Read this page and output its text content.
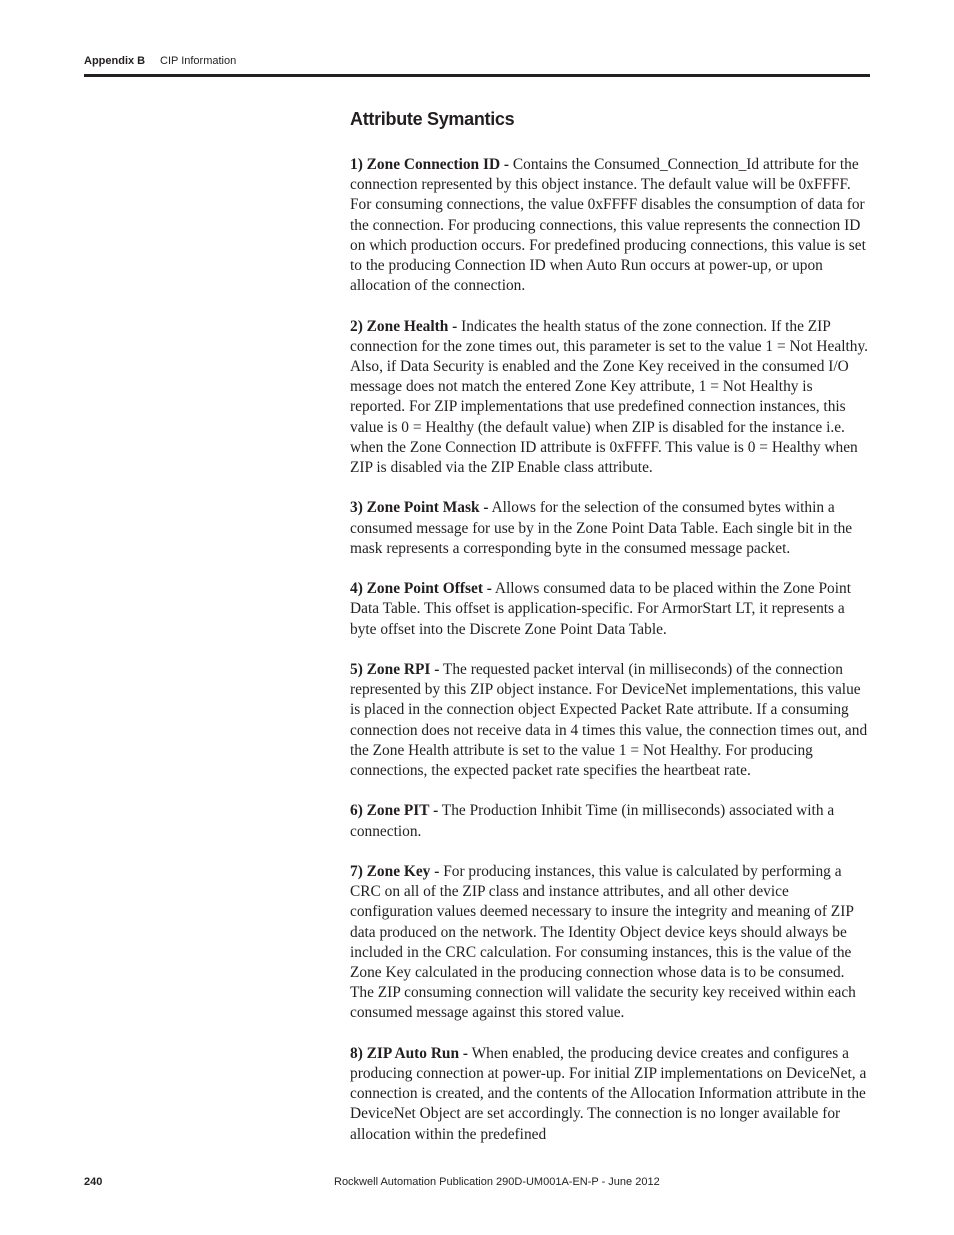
Appendix B CIP Information
Attribute Symantics

1) Zone Connection ID - Contains the Consumed_Connection_Id attribute for the connection represented by this object instance. The default value will be 0xFFFF. For consuming connections, the value 0xFFFF disables the consumption of data for the connection. For producing connections, this value represents the connection ID on which production occurs. For predefined producing connections, this value is set to the producing Connection ID when Auto Run occurs at power-up, or upon allocation of the connection.

2) Zone Health - Indicates the health status of the zone connection. If the ZIP connection for the zone times out, this parameter is set to the value 1 = Not Healthy. Also, if Data Security is enabled and the Zone Key received in the consumed I/O message does not match the entered Zone Key attribute, 1 = Not Healthy is reported. For ZIP implementations that use predefined connection instances, this value is 0 = Healthy (the default value) when ZIP is disabled for the instance i.e. when the Zone Connection ID attribute is 0xFFFF. This value is 0 = Healthy when ZIP is disabled via the ZIP Enable class attribute.

3) Zone Point Mask - Allows for the selection of the consumed bytes within a consumed message for use by in the Zone Point Data Table. Each single bit in the mask represents a corresponding byte in the consumed message packet.

4) Zone Point Offset - Allows consumed data to be placed within the Zone Point Data Table. This offset is application-specific. For ArmorStart LT, it represents a byte offset into the Discrete Zone Point Data Table.

5) Zone RPI - The requested packet interval (in milliseconds) of the connection represented by this ZIP object instance. For DeviceNet implementations, this value is placed in the connection object Expected Packet Rate attribute. If a consuming connection does not receive data in 4 times this value, the connection times out, and the Zone Health attribute is set to the value 1 = Not Healthy. For producing connections, the expected packet rate specifies the heartbeat rate.

6) Zone PIT - The Production Inhibit Time (in milliseconds) associated with a connection.

7) Zone Key - For producing instances, this value is calculated by performing a CRC on all of the ZIP class and instance attributes, and all other device configuration values deemed necessary to insure the integrity and meaning of ZIP data produced on the network. The Identity Object device keys should always be included in the CRC calculation. For consuming instances, this is the value of the Zone Key calculated in the producing connection whose data is to be consumed. The ZIP consuming connection will validate the security key received within each consumed message against this stored value.

8) ZIP Auto Run - When enabled, the producing device creates and configures a producing connection at power-up. For initial ZIP implementations on DeviceNet, a connection is created, and the contents of the Allocation Information attribute in the DeviceNet Object are set accordingly. The connection is no longer available for allocation within the predefined

240	Rockwell Automation Publication 290D-UM001A-EN-P - June 2012
